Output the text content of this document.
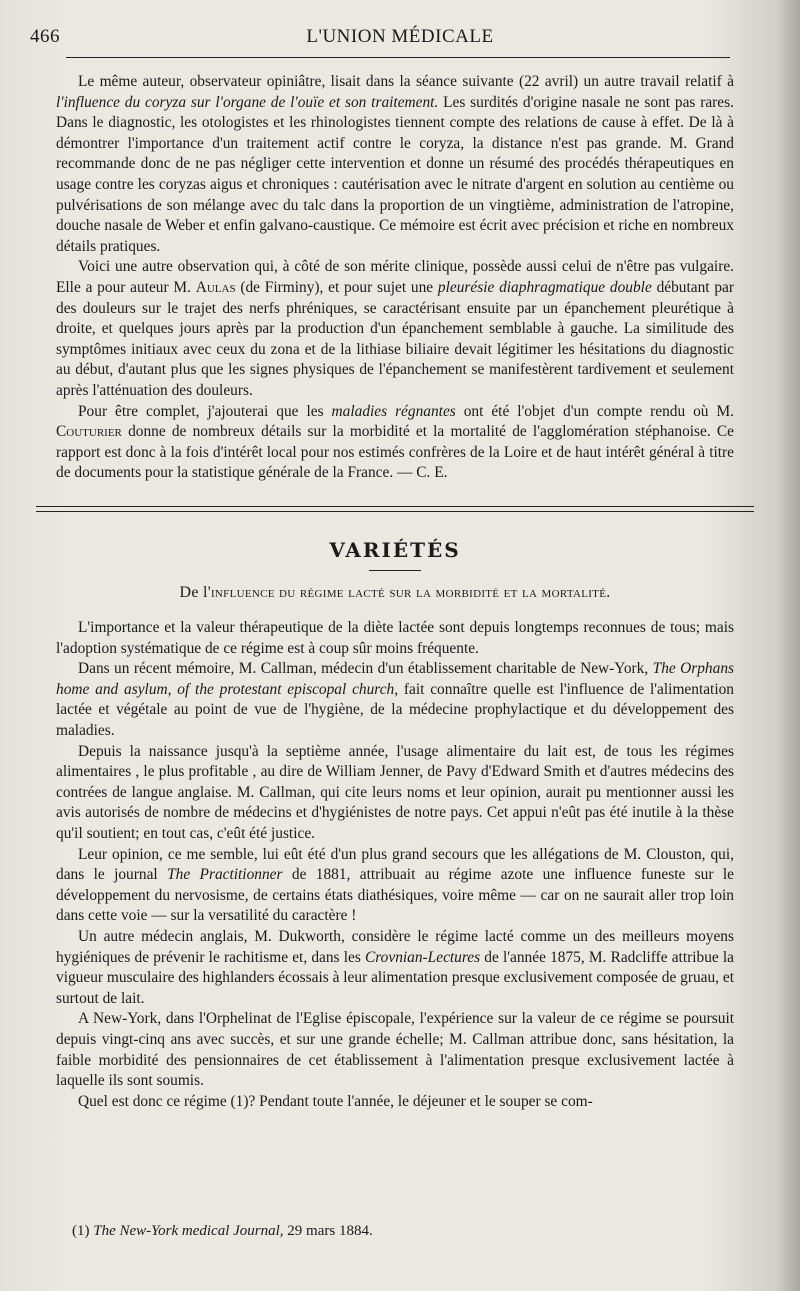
466	L'UNION MÉDICALE

Le même auteur, observateur opiniâtre, lisait dans la séance suivante (22 avril) un autre travail relatif à l'influence du coryza sur l'organe de l'ouïe et son traitement. Les surdités d'origine nasale ne sont pas rares. Dans le diagnostic, les otologistes et les rhinologistes tiennent compte des relations de cause à effet. De là à démontrer l'importance d'un traitement actif contre le coryza, la distance n'est pas grande. M. Grand recommande donc de ne pas négliger cette intervention et donne un résumé des procédés thérapeutiques en usage contre les coryzas aigus et chroniques : cautérisation avec le nitrate d'argent en solution au centième ou pulvérisations de son mélange avec du talc dans la proportion de un vingtième, administration de l'atropine, douche nasale de Weber et enfin galvano-caustique. Ce mémoire est écrit avec précision et riche en nombreux détails pratiques.

Voici une autre observation qui, à côté de son mérite clinique, possède aussi celui de n'être pas vulgaire. Elle a pour auteur M. Aulas (de Firminy), et pour sujet une pleurésie diaphragmatique double débutant par des douleurs sur le trajet des nerfs phréniques, se caractérisant ensuite par un épanchement pleurétique à droite, et quelques jours après par la production d'un épanchement semblable à gauche. La similitude des symptômes initiaux avec ceux du zona et de la lithiase biliaire devait légitimer les hésitations du diagnostic au début, d'autant plus que les signes physiques de l'épanchement se manifestèrent tardivement et seulement après l'atténuation des douleurs.

Pour être complet, j'ajouterai que les maladies régnantes ont été l'objet d'un compte rendu où M. Couturier donne de nombreux détails sur la morbidité et la mortalité de l'agglomération stéphanoise. Ce rapport est donc à la fois d'intérêt local pour nos estimés confrères de la Loire et de haut intérêt général à titre de documents pour la statistique générale de la France. — C. E.

VARIÉTÉS
De l'influence du régime lacté sur la morbidité et la mortalité.

L'importance et la valeur thérapeutique de la diète lactée sont depuis longtemps reconnues de tous; mais l'adoption systématique de ce régime est à coup sûr moins fréquente.

Dans un récent mémoire, M. Callman, médecin d'un établissement charitable de New-York, The Orphans home and asylum, of the protestant episcopal church, fait connaître quelle est l'influence de l'alimentation lactée et végétale au point de vue de l'hygiène, de la médecine prophylactique et du développement des maladies.

Depuis la naissance jusqu'à la septième année, l'usage alimentaire du lait est, de tous les régimes alimentaires , le plus profitable , au dire de William Jenner, de Pavy d'Edward Smith et d'autres médecins des contrées de langue anglaise. M. Callman, qui cite leurs noms et leur opinion, aurait pu mentionner aussi les avis autorisés de nombre de médecins et d'hygiénistes de notre pays. Cet appui n'eût pas été inutile à la thèse qu'il soutient; en tout cas, c'eût été justice.

Leur opinion, ce me semble, lui eût été d'un plus grand secours que les allégations de M. Clouston, qui, dans le journal The Practitionner de 1881, attribuait au régime azote une influence funeste sur le développement du nervosisme, de certains états diathésiques, voire même — car on ne saurait aller trop loin dans cette voie — sur la versatilité du caractère !

Un autre médecin anglais, M. Dukworth, considère le régime lacté comme un des meilleurs moyens hygiéniques de prévenir le rachitisme et, dans les Crovnian-Lectures de l'année 1875, M. Radcliffe attribue la vigueur musculaire des highlanders écossais à leur alimentation presque exclusivement composée de gruau, et surtout de lait.

A New-York, dans l'Orphelinat de l'Eglise épiscopale, l'expérience sur la valeur de ce régime se poursuit depuis vingt-cinq ans avec succès, et sur une grande échelle; M. Callman attribue donc, sans hésitation, la faible morbidité des pensionnaires de cet établissement à l'alimentation presque exclusivement lactée à laquelle ils sont soumis.

Quel est donc ce régime (1)? Pendant toute l'année, le déjeuner et le souper se com-

(1) The New-York medical Journal, 29 mars 1884.
